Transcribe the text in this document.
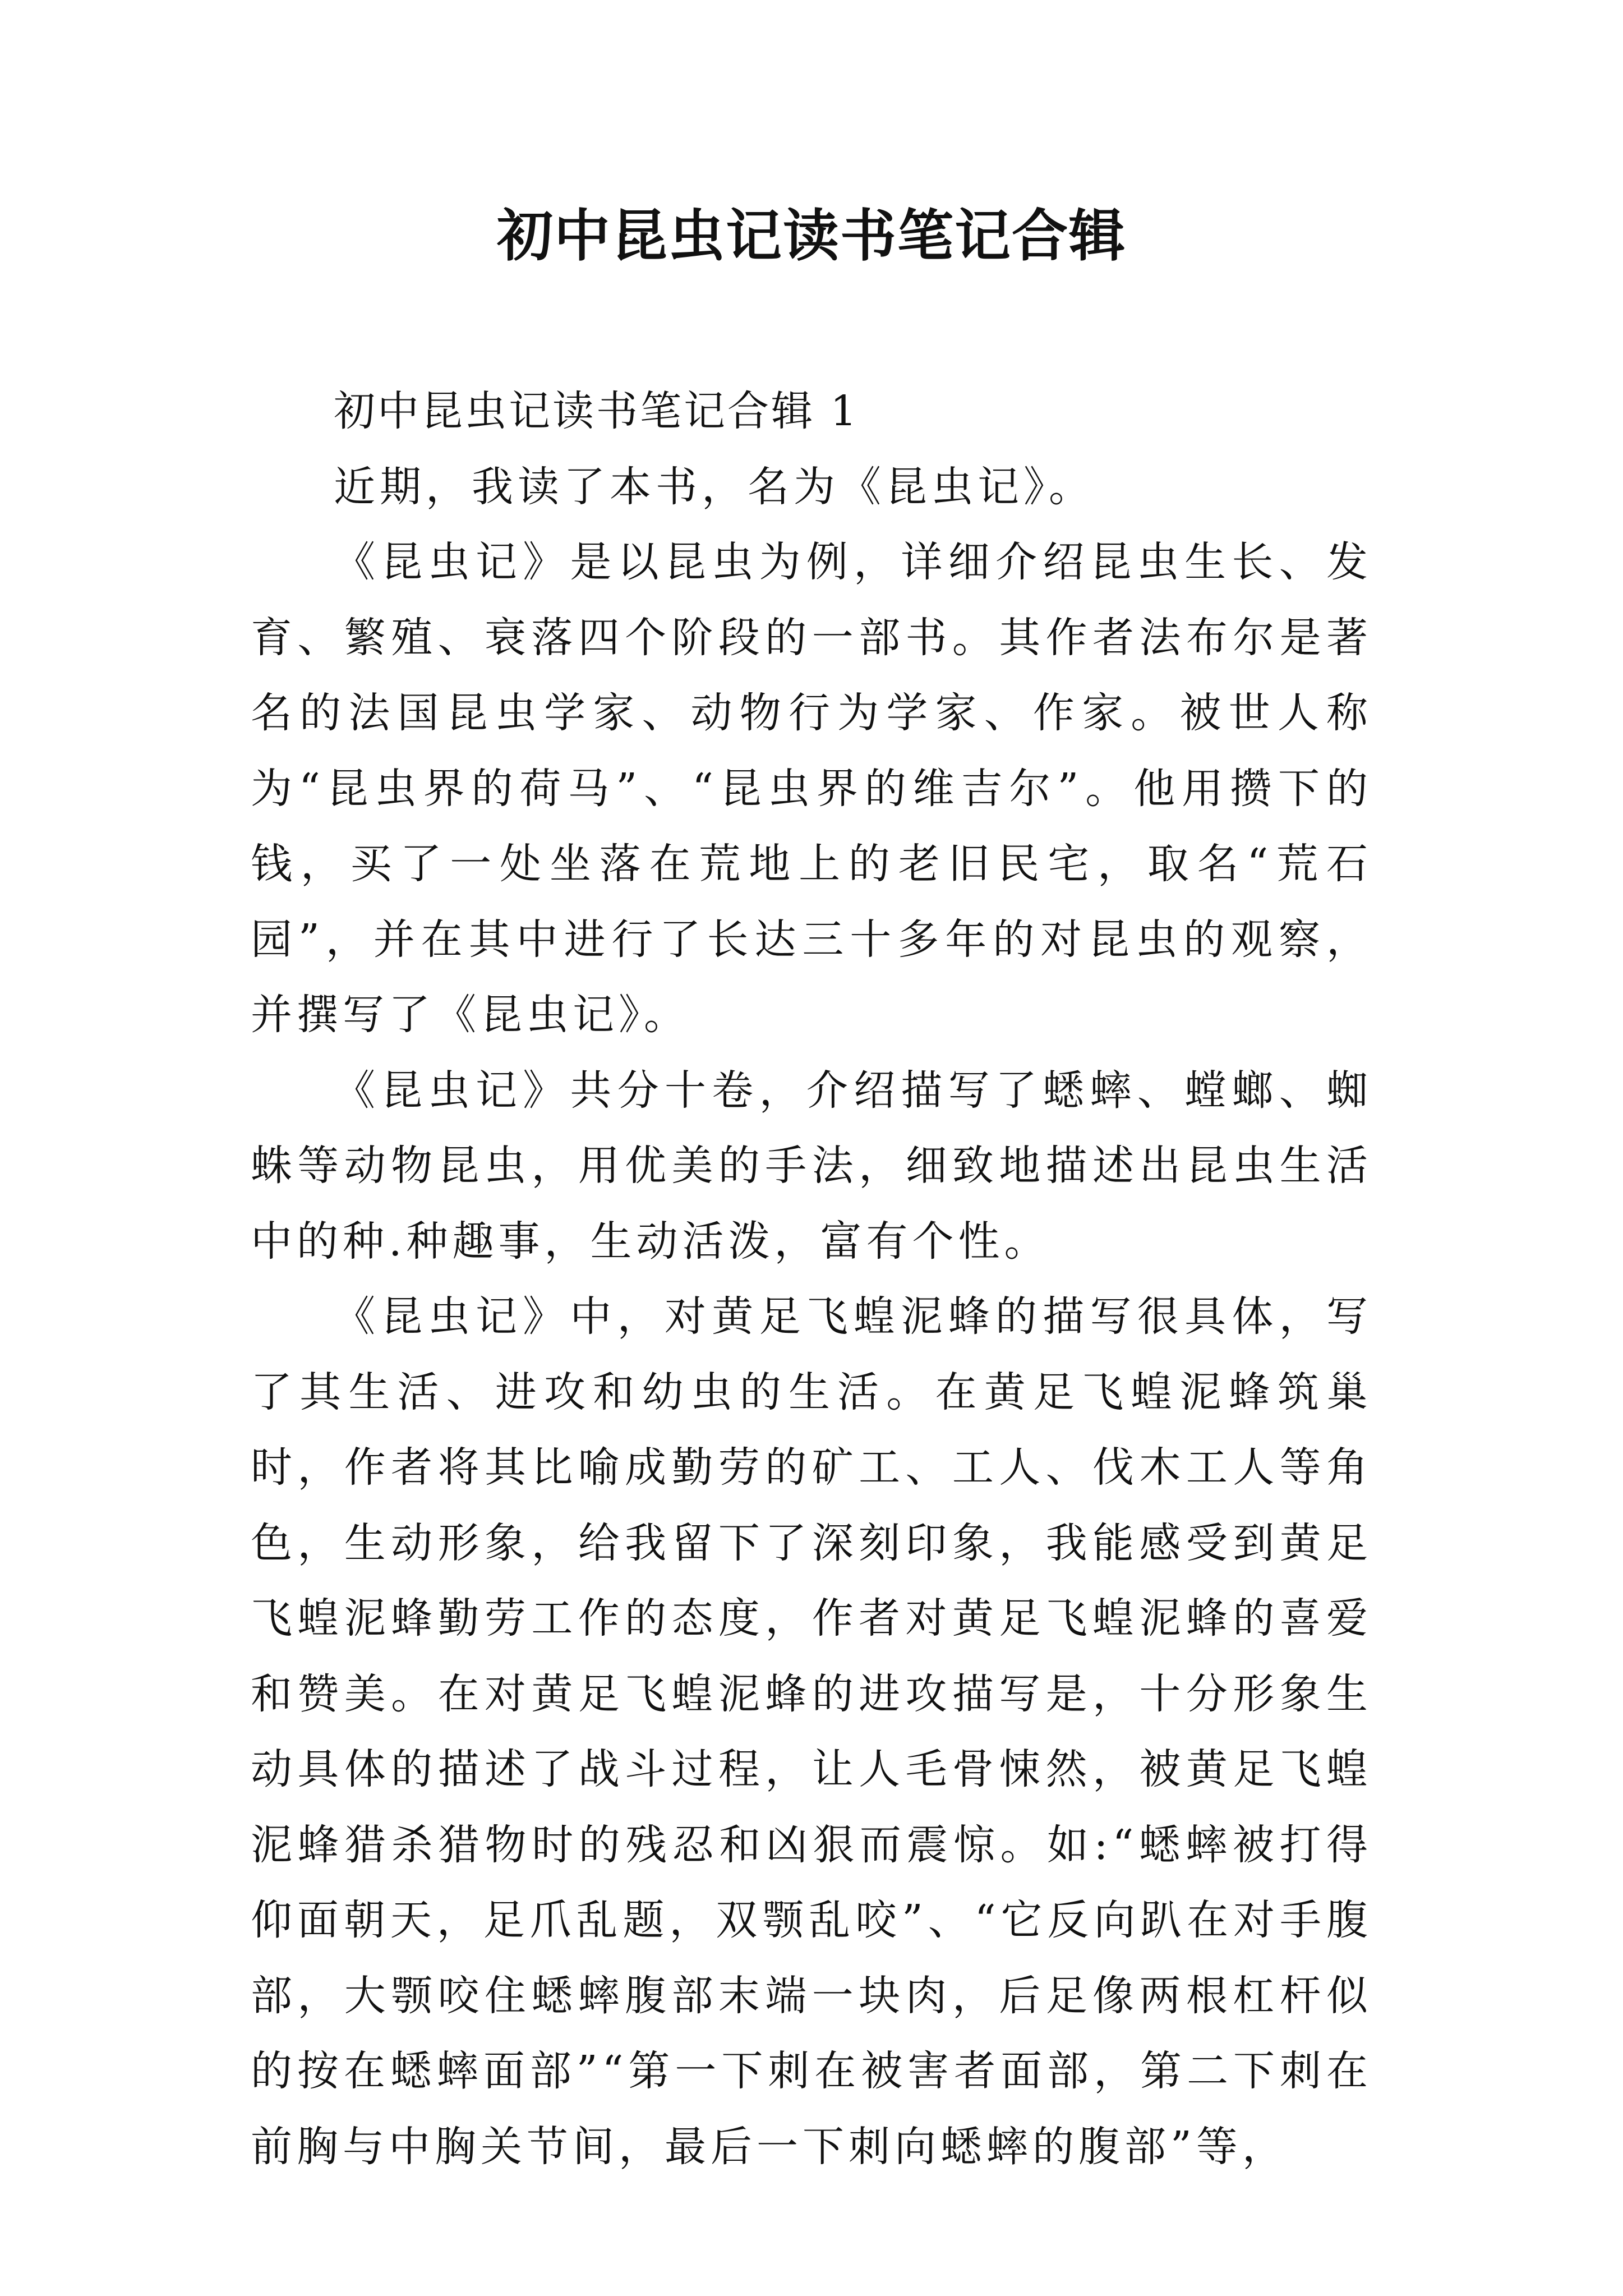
初中昆虫记读书笔记合辑

初中昆虫记读书笔记合辑 1

近期，我读了本书，名为《昆虫记》。

《昆虫记》是以昆虫为例，详细介绍昆虫生长、发育、繁殖、衰落四个阶段的一部书。其作者法布尔是著名的法国昆虫学家、动物行为学家、作家。被世人称为“昆虫界的荷马”、“昆虫界的维吉尔”。他用攒下的钱，买了一处坐落在荒地上的老旧民宅，取名“荒石园”，并在其中进行了长达三十多年的对昆虫的观察，并撰写了《昆虫记》。

《昆虫记》共分十卷，介绍描写了蟋蟀、螳螂、蜘蛛等动物昆虫，用优美的手法，细致地描述出昆虫生活中的种.种趣事，生动活泼，富有个性。

《昆虫记》中，对黄足飞蝗泥蜂的描写很具体，写了其生活、进攻和幼虫的生活。在黄足飞蝗泥蜂筑巢时，作者将其比喻成勤劳的矿工、工人、伐木工人等角色，生动形象，给我留下了深刻印象，我能感受到黄足飞蝗泥蜂勤劳工作的态度，作者对黄足飞蝗泥蜂的喜爱和赞美。在对黄足飞蝗泥蜂的进攻描写是，十分形象生动具体的描述了战斗过程，让人毛骨悚然，被黄足飞蝗泥蜂猎杀猎物时的残忍和凶狠而震惊。如:“蟋蟀被打得仰面朝天，足爪乱题，双颚乱咬”、“它反向趴在对手腹部，大颚咬住蟋蟀腹部末端一块肉，后足像两根杠杆似的按在蟋蟀面部”“第一下刺在被害者面部，第二下刺在前胸与中胸关节间，最后一下刺向蟋蟀的腹部”等，
